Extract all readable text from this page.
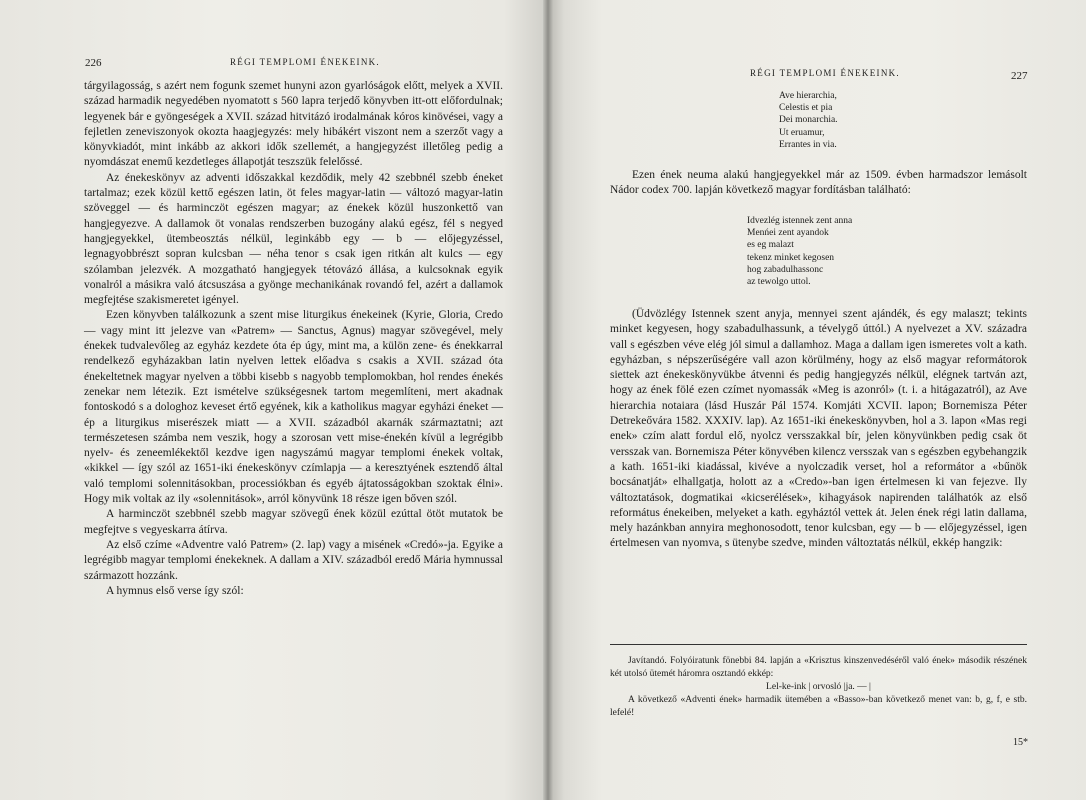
226	RÉGI TEMPLOMI ÉNEKEINK.

tárgyilagosság, s azért nem fogunk szemet hunyni azon gyarlóságok előtt, melyek a XVII. század harmadik negyedében nyomatott s 560 lapra terjedő könyvben itt-ott előfordulnak; legyenek bár e gyöngeségek a XVII. század hitvitázó irodalmának kóros kinövései, vagy a fejletlen zeneviszonyok okozta haagjegyzés: mely hibákért viszont nem a szerzőt vagy a könyvkiadót, mint inkább az akkori idők szellemét, a hangjegyzést illetőleg pedig a nyomdászat enemű kezdetleges állapotját teszszük felelőssé.

Az énekeskönyv az adventi időszakkal kezdődik, mely 42 szebbnél szebb éneket tartalmaz; ezek közül kettő egészen latin, öt feles magyar-latin — változó magyar-latin szöveggel — és harminczöt egészen magyar; az énekek közül huszonkettő van hangjegyezve. A dallamok öt vonalas rendszerben buzogány alakú egész, fél s negyed hangjegyekkel, ütembeosztás nélkül, leginkább egy — b — előjegyzéssel, legnagyobbrészt sopran kulcsban — néha tenor s csak igen ritkán alt kulcs — egy szólamban jelezvék. A mozgatható hangjegyek tétovázó állása, a kulcsoknak egyik vonalról a másikra való átcsuszása a gyönge mechanikának rovandó fel, azért a dallamok megfejtése szakismeretet igényel.

Ezen könyvben találkozunk a szent mise liturgikus énekeinek (Kyrie, Gloria, Credo — vagy mint itt jelezve van «Patrem» — Sanctus, Agnus) magyar szövegével, mely énekek tudvalevőleg az egyház kezdete óta ép úgy, mint ma, a külön zene- és énekkarral rendelkező egyházakban latin nyelven lettek előadva s csakis a XVII. század óta énekeltetnek magyar nyelven a többi kisebb s nagyobb templomokban, hol rendes énekés zenekar nem létezik. Ezt ismételve szükségesnek tartom megemlíteni, mert akadnak fontoskodó s a dologhoz keveset értő egyének, kik a katholikus magyar egyházi éneket — ép a liturgikus miserészek miatt — a XVII. századból akarnák származtatni; azt természetesen számba nem veszik, hogy a szorosan vett mise-énekén kívül a legrégibb nyelv- és zeneemlékektől kezdve igen nagyszámú magyar templomi énekek voltak, «kikkel — így szól az 1651-iki énekeskönyv czímlapja — a keresztyének esztendő által való templomi solennitásokban, processiókban és egyéb ájtatosságokban szoktak élni». Hogy mik voltak az ily «solennitások», arról könyvünk 18 része igen bőven szól.

A harminczöt szebbnél szebb magyar szövegű ének közül ezúttal ötöt mutatok be megfejtve s vegyeskarra átírva.

Az első czíme «Adventre való Patrem» (2. lap) vagy a misének «Credó»-ja. Egyike a legrégibb magyar templomi énekeknek. A dallam a XIV. századból eredő Mária hymnussal származott hozzánk.

A hymnus első verse így szól:

RÉGI TEMPLOMI ÉNEKEINK.	227
Ave hierarchia,
Celestis et pia
Dei monarchia.
Ut eruamur,
Errantes in via.

Ezen ének neuma alakú hangjegyekkel már az 1509. évben harmadszor lemásolt Nádor codex 700. lapján következő magyar fordításban található:

Idvezlég istennek zent anna
Menńei zent ayandok
es eg malazt
tekenz minket kegosen
hog zabadulhassonc
az tewolgo uttol.

(Üdvözlégy Istennek szent anyja, mennyei szent ajándék, és egy malaszt; tekints minket kegyesen, hogy szabadulhassunk, a tévelygő úttól.) A nyelvezet a XV. századra vall s egészben véve elég jól simul a dallamhoz. Maga a dallam igen ismeretes volt a kath. egyházban, s népszerűségére vall azon körülmény, hogy az első magyar reformátorok siettek azt énekeskönyvükbe átvenni és pedig hangjegyzés nélkül, elégnek tartván azt, hogy az ének fölé ezen czímet nyomassák «Meg is azonról» (t. i. a hitágazatról), az Ave hierarchia notaiara (lásd Huszár Pál 1574. Komjáti XCVII. lapon; Bornemisza Péter Detrekeővára 1582. XXXIV. lap). Az 1651-iki énekeskönyvben, hol a 3. lapon «Mas regi enek» czím alatt fordul elő, nyolcz versszakkal bír, jelen könyvünkben pedig csak öt versszak van. Bornemisza Péter könyvében kilencz versszak van s egészben egybehangzik a kath. 1651-iki kiadással, kivéve a nyolczadik verset, hol a reformátor a «bűnök bocsánatját» elhallgatja, holott az a «Credo»-ban igen értelmesen ki van fejezve. Ily változtatások, dogmatikai «kicserélések», kihagyások napirenden találhatók az első református énekeiben, melyeket a kath. egyháztól vettek át. Jelen ének régi latin dallama, mely hazánkban annyira meghonosodott, tenor kulcsban, egy — b — előjegyzéssel, igen értelmesen van nyomva, s ütenybe szedve, minden változtatás nélkül, ekkép hangzik:

Javítandó. Folyóiratunk fönebbi 84. lapján a «Krisztus kinszenvedéséről való ének» második részének két utolsó ütemét háromra osztandó ekkép:

Lel-ke-ink | orvosló |ja. — |

A következő «Adventi ének» harmadik ütemében a «Basso»-ban következő menet van: b, g, f, e stb. lefelé!

15*
